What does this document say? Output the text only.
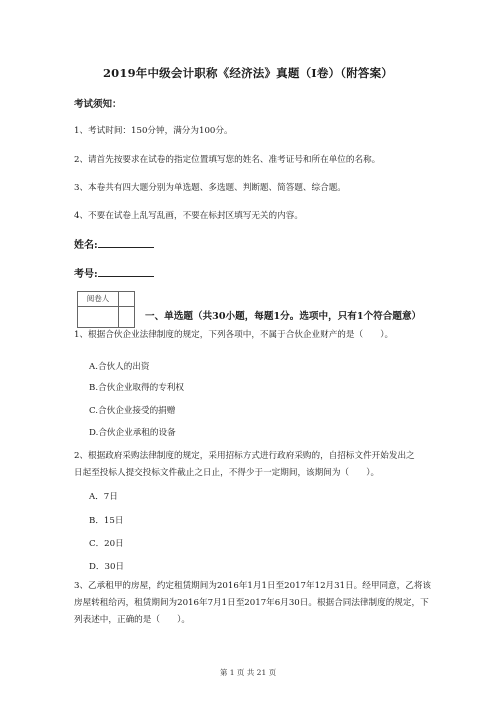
2019年中级会计职称《经济法》真题（I卷）（附答案）
考试须知：
1、考试时间：150分钟，满分为100分。
2、请首先按要求在试卷的指定位置填写您的姓名、准考证号和所在单位的名称。
3、本卷共有四大题分别为单选题、多选题、判断题、简答题、综合题。
4、不要在试卷上乱写乱画，不要在标封区填写无关的内容。
姓名:
考号:
阅卷人
一、单选题（共30小题，每题1分。选项中，只有1个符合题意）
1、根据合伙企业法律制度的规定，下列各项中，不属于合伙企业财产的是（　　）。
A.合伙人的出资
B.合伙企业取得的专利权
C.合伙企业接受的捐赠
D.合伙企业承租的设备
2、根据政府采购法律制度的规定，采用招标方式进行政府采购的，自招标文件开始发出之
日起至投标人提交投标文件截止之日止，不得少于一定期间，该期间为（　　）。
A．7日
B．15日
C．20日
D．30日
3、乙承租甲的房屋，约定租赁期间为2016年1月1日至2017年12月31日。经甲同意，乙将该
房屋转租给丙，租赁期间为2016年7月1日至2017年6月30日。根据合同法律制度的规定，下
列表述中，正确的是（　　）。
第 1 页 共 21 页
